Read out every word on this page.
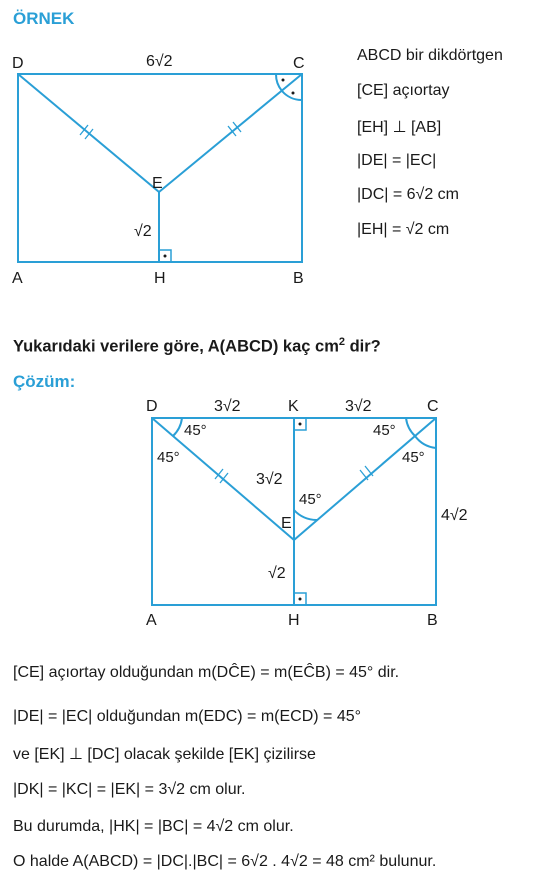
ÖRNEK
Çözüm:
ABCD bir dikdörtgen
[CE] açıortay
[EH] ⊥ [AB]
|DE| = |EC|
|DC| = 6√2 cm
|EH| = √2 cm
Yukarıdaki verilere göre, A(ABCD) kaç $cm^2$ dir?
D	C
A	H	B
E
6√2
√2
D	K	C
A	H	B
E
3√2	3√2
3√2
√2
4√2
45°
45°
45°
45°
45°
[CE] açıortay olduğundan m(DĈE) = m(EĈB) = 45° dir.
|DE| = |EC| olduğundan m(EDC) = m(ECD) = 45°
ve [EK] ⊥ [DC] olacak şekilde [EK] çizilirse
|DK| = |KC| = |EK| = 3√2 cm olur.
Bu durumda, |HK| = |BC| = 4√2 cm olur.
O halde A(ABCD) = |DC|.|BC| = 6√2 . 4√2 = 48 cm² bulunur.
